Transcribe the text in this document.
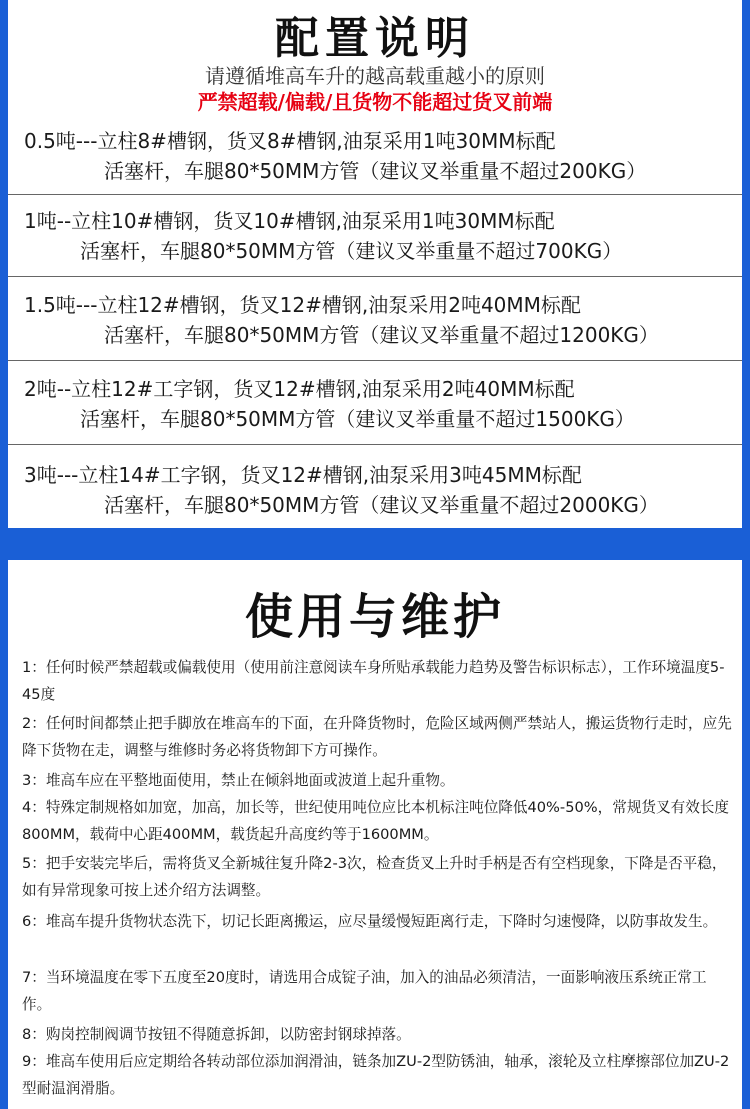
配置说明
请遵循堆高车升的越高载重越小的原则
严禁超载/偏载/且货物不能超过货叉前端
0.5吨---立柱8#槽钢，货叉8#槽钢,油泵采用1吨30MM标配
活塞杆，车腿80*50MM方管（建议叉举重量不超过200KG）
1吨--立柱10#槽钢，货叉10#槽钢,油泵采用1吨30MM标配
活塞杆，车腿80*50MM方管（建议叉举重量不超过700KG）
1.5吨---立柱12#槽钢，货叉12#槽钢,油泵采用2吨40MM标配
活塞杆，车腿80*50MM方管（建议叉举重量不超过1200KG）
2吨--立柱12#工字钢，货叉12#槽钢,油泵采用2吨40MM标配
活塞杆，车腿80*50MM方管（建议叉举重量不超过1500KG）
3吨---立柱14#工字钢，货叉12#槽钢,油泵采用3吨45MM标配
活塞杆，车腿80*50MM方管（建议叉举重量不超过2000KG）
使用与维护
1：任何时候严禁超载或偏载使用（使用前注意阅读车身所贴承载能力趋势及警告标识标志），工作环境温度5-45度
2：任何时间都禁止把手脚放在堆高车的下面，在升降货物时，危险区域两侧严禁站人，搬运货物行走时，应先降下货物在走，调整与维修时务必将货物卸下方可操作。
3：堆高车应在平整地面使用，禁止在倾斜地面或波道上起升重物。
4：特殊定制规格如加宽，加高，加长等，世纪使用吨位应比本机标注吨位降低40%-50%，常规货叉有效长度800MM，载荷中心距400MM，载货起升高度约等于1600MM。
5：把手安装完毕后，需将货叉全新城往复升降2-3次，检查货叉上升时手柄是否有空档现象，下降是否平稳，如有异常现象可按上述介绍方法调整。
6：堆高车提升货物状态洗下，切记长距离搬运，应尽量缓慢短距离行走，下降时匀速慢降，以防事故发生。
7：当环境温度在零下五度至20度时，请选用合成锭子油，加入的油品必须清洁，一面影响液压系统正常工作。
8：购岗控制阀调节按钮不得随意拆卸，以防密封钢球掉落。
9：堆高车使用后应定期给各转动部位添加润滑油，链条加ZU-2型防锈油，轴承，滚轮及立柱摩擦部位加ZU-2型耐温润滑脂。
